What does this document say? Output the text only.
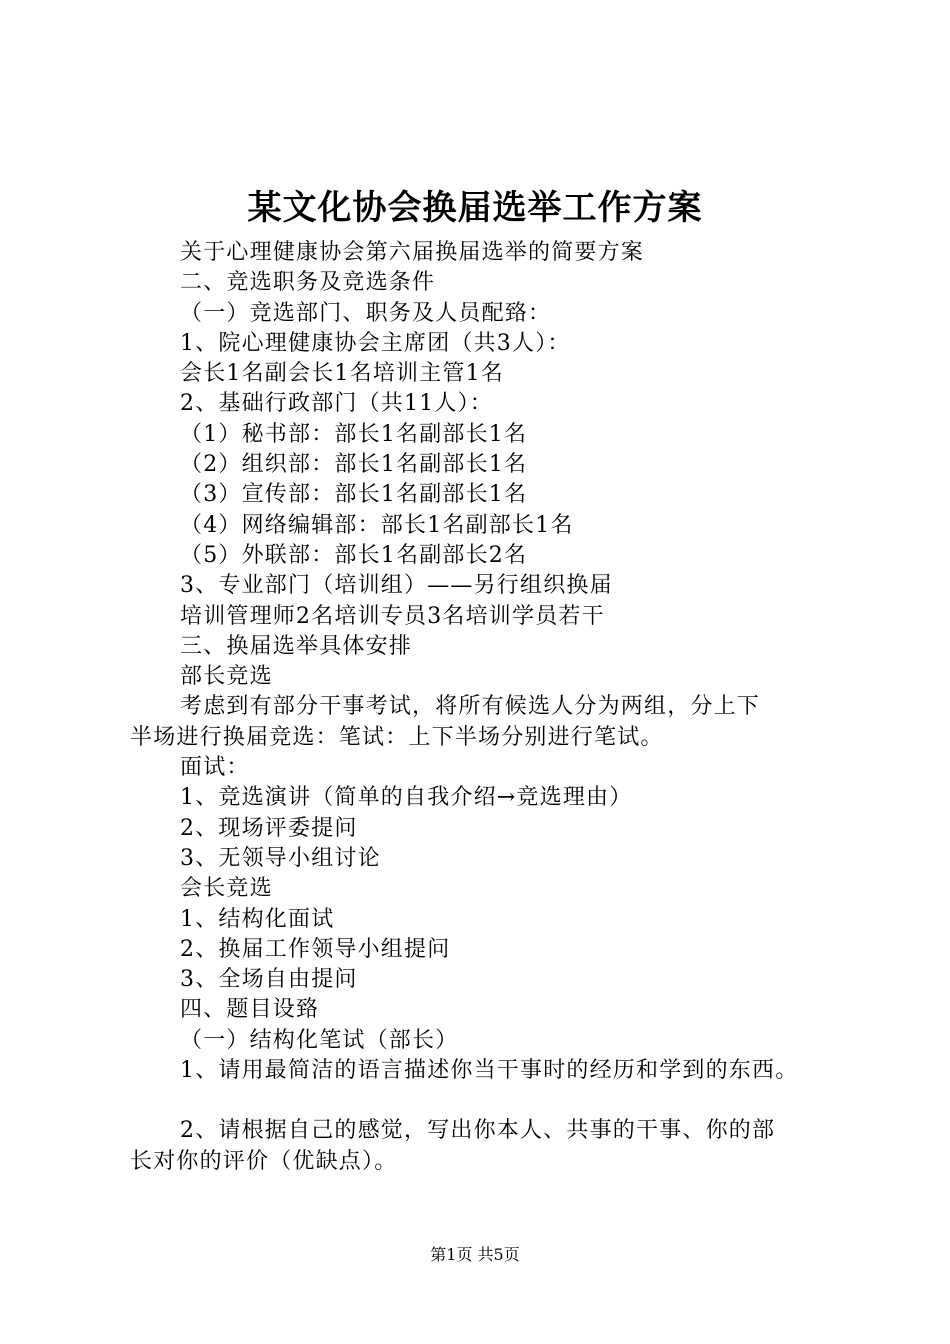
某文化协会换届选举工作方案
关于心理健康协会第六届换届选举的简要方案
二、竞选职务及竞选条件
（一）竞选部门、职务及人员配臵：
1、院心理健康协会主席团（共3人）：
会长1名副会长1名培训主管1名
2、基础行政部门（共11人）：
（1）秘书部：部长1名副部长1名
（2）组织部：部长1名副部长1名
（3）宣传部：部长1名副部长1名
（4）网络编辑部：部长1名副部长1名
（5）外联部：部长1名副部长2名
3、专业部门（培训组）——另行组织换届
培训管理师2名培训专员3名培训学员若干
三、换届选举具体安排
部长竞选
考虑到有部分干事考试，将所有候选人分为两组，分上下
半场进行换届竞选：笔试：上下半场分别进行笔试。
面试：
1、竞选演讲（简单的自我介绍→竞选理由）
2、现场评委提问
3、无领导小组讨论
会长竞选
1、结构化面试
2、换届工作领导小组提问
3、全场自由提问
四、题目设臵
（一）结构化笔试（部长）
1、请用最简洁的语言描述你当干事时的经历和学到的东西。
2、请根据自己的感觉，写出你本人、共事的干事、你的部
长对你的评价（优缺点）。
第1页 共5页
